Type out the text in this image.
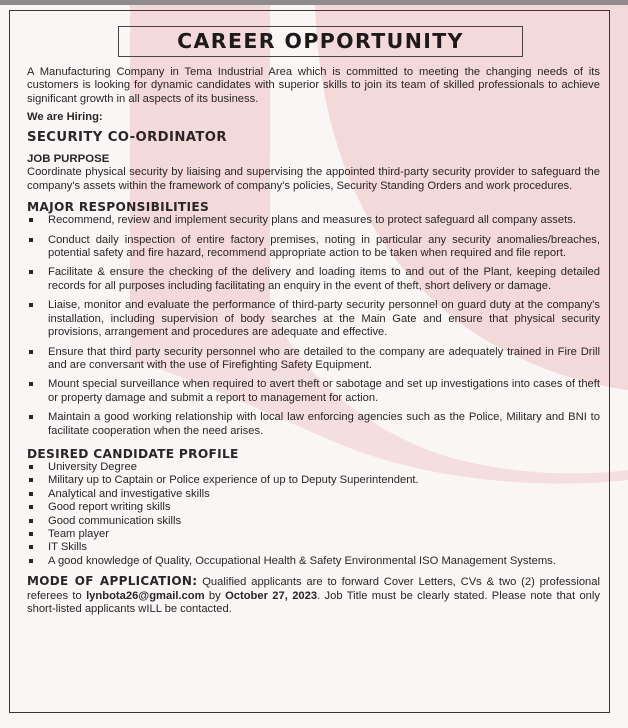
CAREER OPPORTUNITY

A Manufacturing Company in Tema Industrial Area which is committed to meeting the changing needs of its customers is looking for dynamic candidates with superior skills to join its team of skilled professionals to achieve significant growth in all aspects of its business.

We are Hiring:
SECURITY CO-ORDINATOR
JOB PURPOSE

Coordinate physical security by liaising and supervising the appointed third-party security provider to safeguard the company's assets within the framework of company's policies, Security Standing Orders and work procedures.

MAJOR RESPONSIBILITIES
Recommend, review and implement security plans and measures to protect safeguard all company assets.
Conduct daily inspection of entire factory premises, noting in particular any security anomalies/breaches, potential safety and fire hazard, recommend appropriate action to be taken when required and file report.
Facilitate & ensure the checking of the delivery and loading items to and out of the Plant, keeping detailed records for all purposes including facilitating an enquiry in the event of theft, short delivery or damage.
Liaise, monitor and evaluate the performance of third-party security personnel on guard duty at the company's installation, including supervision of body searches at the Main Gate and ensure that physical security provisions, arrangement and procedures are adequate and effective.
Ensure that third party security personnel who are detailed to the company are adequately trained in Fire Drill and are conversant with the use of Firefighting Safety Equipment.
Mount special surveillance when required to avert theft or sabotage and set up investigations into cases of theft or property damage and submit a report to management for action.
Maintain a good working relationship with local law enforcing agencies such as the Police, Military and BNI to facilitate cooperation when the need arises.
DESIRED CANDIDATE PROFILE
University Degree
Military up to Captain or Police experience of up to Deputy Superintendent.
Analytical and investigative skills
Good report writing skills
Good communication skills
Team player
IT Skills
A good knowledge of Quality, Occupational Health & Safety Environmental ISO Management Systems.

MODE OF APPLICATION: Qualified applicants are to forward Cover Letters, CVs & two (2) professional referees to lynbota26@gmail.com by October 27, 2023. Job Title must be clearly stated. Please note that only short-listed applicants wILL be contacted.
